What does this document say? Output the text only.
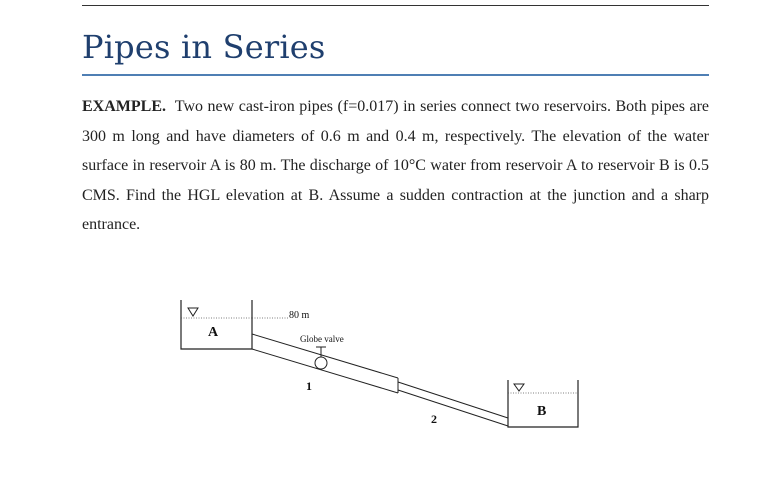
Pipes in Series

EXAMPLE. Two new cast-iron pipes (f=0.017) in series connect two reservoirs. Both pipes are 300 m long and have diameters of 0.6 m and 0.4 m, respectively. The elevation of the water surface in reservoir A is 80 m. The discharge of 10°C water from reservoir A to reservoir B is 0.5 CMS. Find the HGL elevation at B. Assume a sudden contraction at the junction and a sharp entrance.

80 m
A	Globe valve
1
2	B
